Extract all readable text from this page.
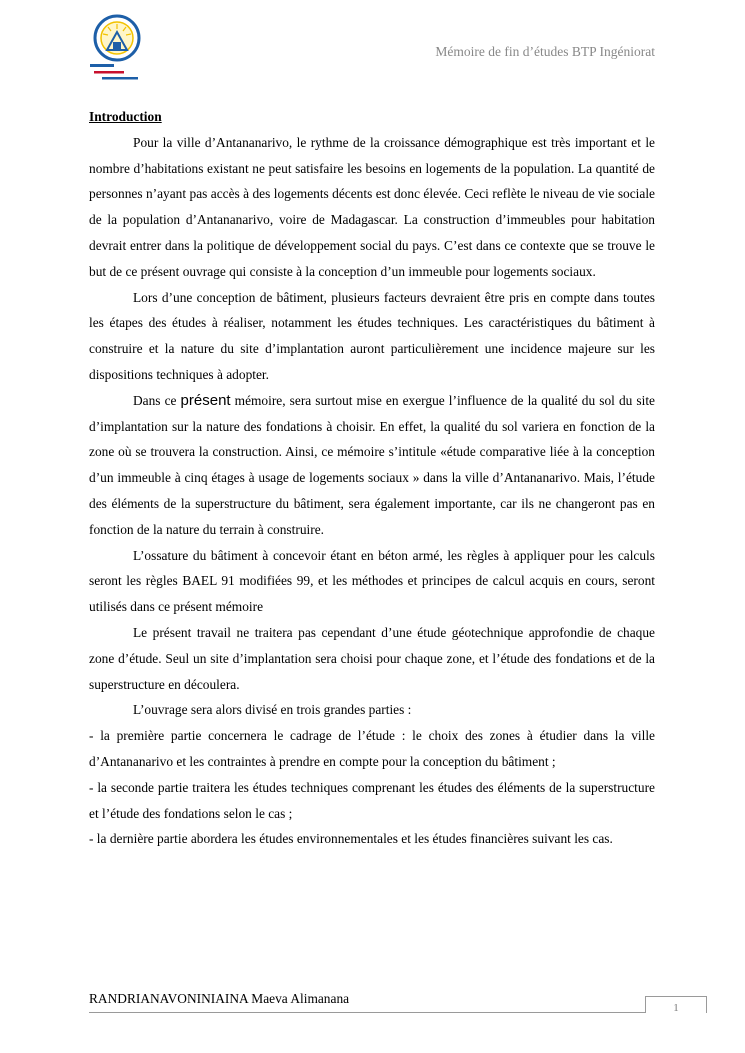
Mémoire de fin d’études BTP Ingéniorat
Introduction

Pour la ville d’Antananarivo, le rythme de la croissance démographique est très important et le nombre d’habitations existant ne peut satisfaire les besoins en logements de la population. La quantité de personnes n’ayant pas accès à des logements décents est donc élevée. Ceci reflète le niveau de vie sociale de la population d’Antananarivo, voire de Madagascar. La construction d’immeubles pour habitation devrait entrer dans la politique de développement social du pays. C’est dans ce contexte que se trouve le but de ce présent ouvrage qui consiste à la conception d’un immeuble pour logements sociaux.

Lors d’une conception de bâtiment, plusieurs facteurs devraient être pris en compte dans toutes les étapes des études à réaliser, notamment les études techniques. Les caractéristiques du bâtiment à construire et la nature du site d’implantation auront particulièrement une incidence majeure sur les dispositions techniques à adopter.

Dans ce présent mémoire, sera surtout mise en exergue l’influence de la qualité du sol du site d’implantation sur la nature des fondations à choisir. En effet, la qualité du sol variera en fonction de la zone où se trouvera la construction. Ainsi, ce mémoire s’intitule «étude comparative liée à la conception d’un immeuble à cinq étages à usage de logements sociaux » dans la ville d’Antananarivo. Mais, l’étude des éléments de la superstructure du bâtiment, sera également importante, car ils ne changeront pas en fonction de la nature du terrain à construire.

L’ossature du bâtiment à concevoir étant en béton armé, les règles à appliquer pour les calculs seront les règles BAEL 91 modifiées 99, et les méthodes et principes de calcul acquis en cours, seront utilisés dans ce présent mémoire

Le présent travail ne traitera pas cependant d’une étude géotechnique approfondie de chaque zone d’étude. Seul un site d’implantation sera choisi pour chaque zone, et l’étude des fondations et de la superstructure en découlera.

L’ouvrage sera alors divisé en trois grandes parties :

- la première partie concernera le cadrage de l’étude : le choix des zones à étudier dans la ville d’Antananarivo et les contraintes à prendre en compte pour la conception du bâtiment ;

- la seconde partie traitera les études techniques comprenant les études des éléments de la superstructure et l’étude des fondations selon le cas ;

- la dernière partie abordera les études environnementales et les études financières suivant les cas.

RANDRIANAVONINIAINA Maeva Alimanana
1
